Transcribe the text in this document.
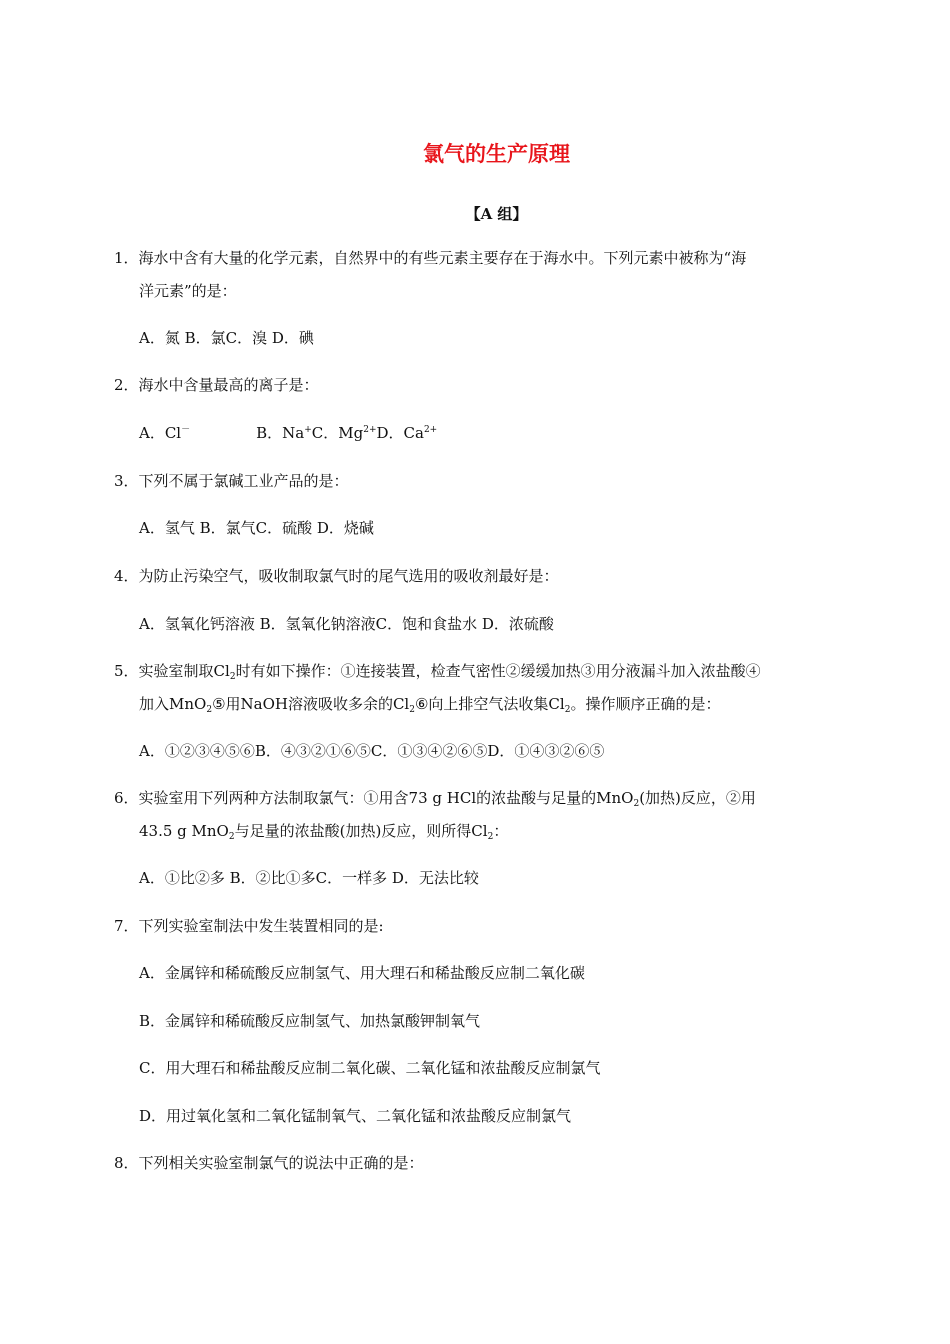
氯气的生产原理
【A 组】
1．海水中含有大量的化学元素，自然界中的有些元素主要存在于海水中。下列元素中被称为“海
洋元素”的是：
A．氮 B．氯C．溴 D．碘
2．海水中含量最高的离子是：
A．Cl－	B．Na+C．$Mg^{2+}D$．$Ca^{2+}$
3．下列不属于氯碱工业产品的是：
A．氢气 B．氯气C．硫酸 D．烧碱
4．为防止污染空气，吸收制取氯气时的尾气选用的吸收剂最好是：
A．氢氧化钙溶液 B．氢氧化钠溶液C．饱和食盐水 D．浓硫酸
5．实验室制取$Cl_2$时有如下操作：①连接装置，检查气密性②缓缓加热③用分液漏斗加入浓盐酸④
加入MnO$_2$⑤用NaOH溶液吸收多余的$Cl_2⑥$向上排空气法收集$Cl_2$。操作顺序正确的是：
A．①②③④⑤⑥B．④③②①⑥⑤C．①③④②⑥⑤D．①④③②⑥⑤
6．实验室用下列两种方法制取氯气：①用含73 g HCl的浓盐酸与足量的MnO$_2$(加热)反应，②用
43.5 g MnO$_2$与足量的浓盐酸(加热)反应，则所得$Cl_2$：
A．①比②多 B．②比①多C．一样多 D．无法比较
7．下列实验室制法中发生装置相同的是:
A．金属锌和稀硫酸反应制氢气、用大理石和稀盐酸反应制二氧化碳
B．金属锌和稀硫酸反应制氢气、加热氯酸钾制氧气
C．用大理石和稀盐酸反应制二氧化碳、二氧化锰和浓盐酸反应制氯气
D．用过氧化氢和二氧化锰制氧气、二氧化锰和浓盐酸反应制氯气
8．下列相关实验室制氯气的说法中正确的是：
